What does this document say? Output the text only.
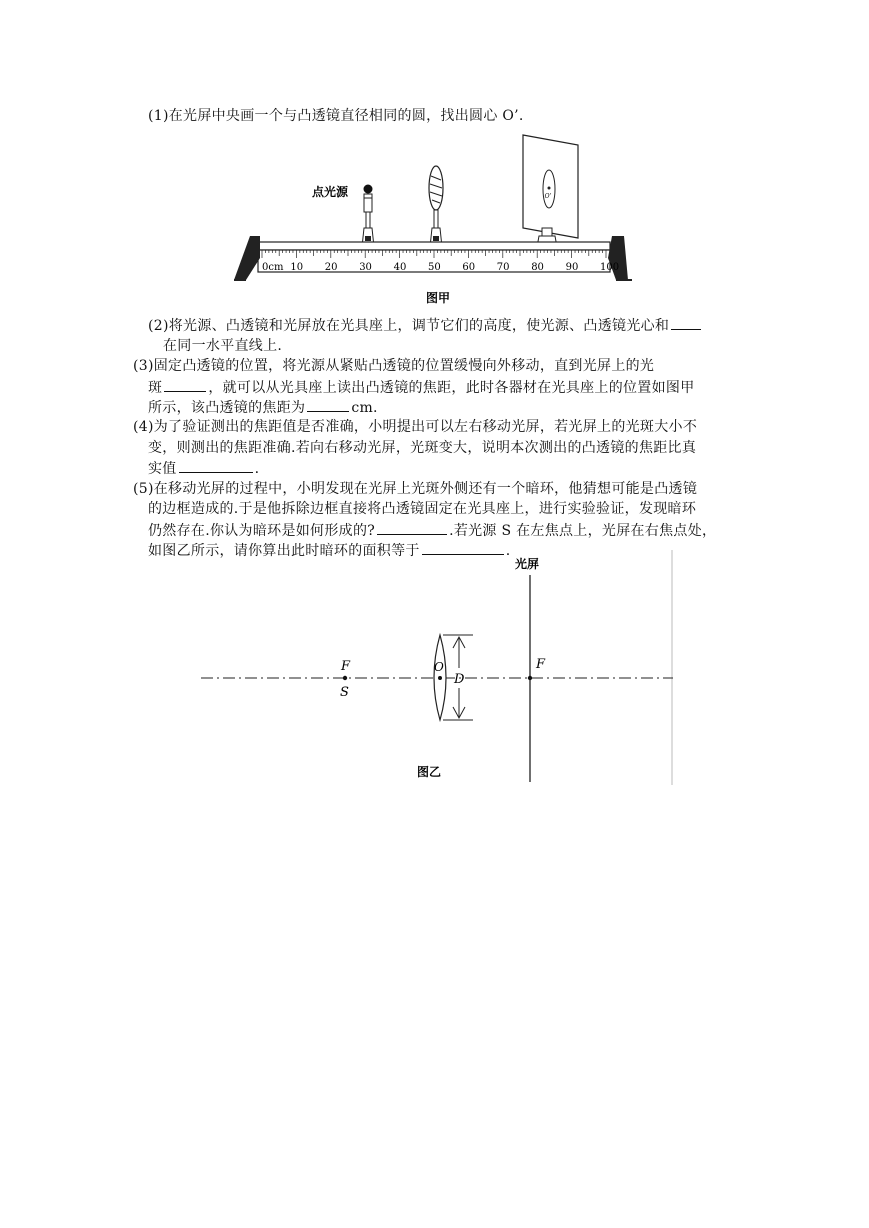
(1)在光屏中央画一个与凸透镜直径相同的圆，找出圆心 O’.
O’
点光源
0cm 10 20 30 40 50 60 70 80 90 100
图甲
(2)将光源、凸透镜和光屏放在光具座上，调节它们的高度，使光源、凸透镜光心和
在同一水平直线上.
(3)固定凸透镜的位置，将光源从紧贴凸透镜的位置缓慢向外移动，直到光屏上的光
斑	，就可以从光具座上读出凸透镜的焦距，此时各器材在光具座上的位置如图甲
所示，该凸透镜的焦距为	cm.
(4)为了验证测出的焦距值是否准确，小明提出可以左右移动光屏，若光屏上的光斑大小不
变，则测出的焦距准确.若向右移动光屏，光斑变大，说明本次测出的凸透镜的焦距比真
实值	.
(5)在移动光屏的过程中，小明发现在光屏上光斑外侧还有一个暗环，他猜想可能是凸透镜
的边框造成的.于是他拆除边框直接将凸透镜固定在光具座上，进行实验验证，发现暗环
仍然存在.你认为暗环是如何形成的?	.若光源 S 在左焦点上，光屏在右焦点处，
如图乙所示，请你算出此时暗环的面积等于	.
光屏
F
F
S
O
D
图乙
